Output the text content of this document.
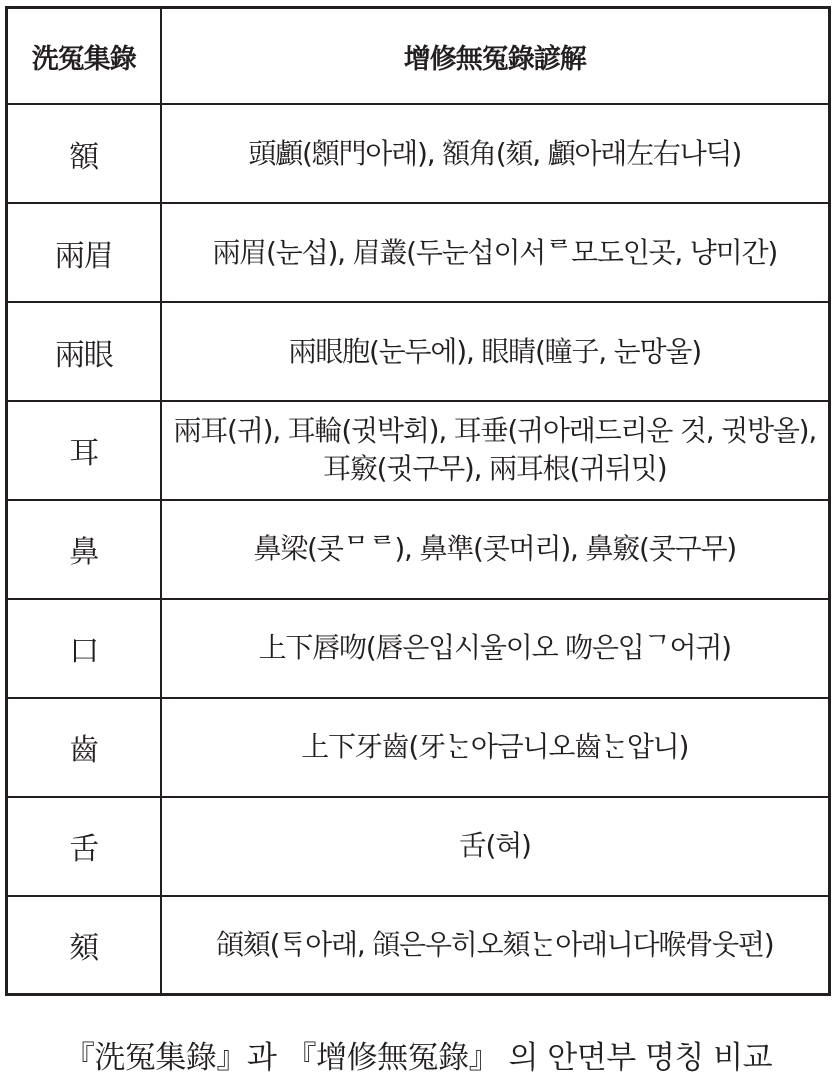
洗冤集錄	增修無冤錄諺解
額	頭顱(顖門아래), 額角(頦, 顱아래左右나딕)
兩眉	兩眉(눈섭), 眉叢(두눈섭이서ᄅ모도인곳, 냥미간)
兩眼	兩眼胞(눈두에), 眼睛(瞳子, 눈망울)
耳	兩耳(귀), 耳輪(귓박회), 耳垂(귀아래드리운 것, 귓방올), 耳竅(귓구무), 兩耳根(귀뒤밋)
鼻	鼻梁(콧ᄆᄅ), 鼻準(콧머리), 鼻竅(콧구무)
口	上下唇吻(唇은입시울이오 吻은입ᄀ어귀)
齒	上下牙齒(牙ᄂᆞᆫ아금니오齒ᄂᆞᆫ압니)
舌	舌(혀)
頦	頜頦(ᄐᆞᆨ아래, 頜은우히오頦ᄂᆞᆫ아래니다喉骨웃편)
『洗冤集錄』과 『增修無冤錄』 의 안면부 명칭 비교
